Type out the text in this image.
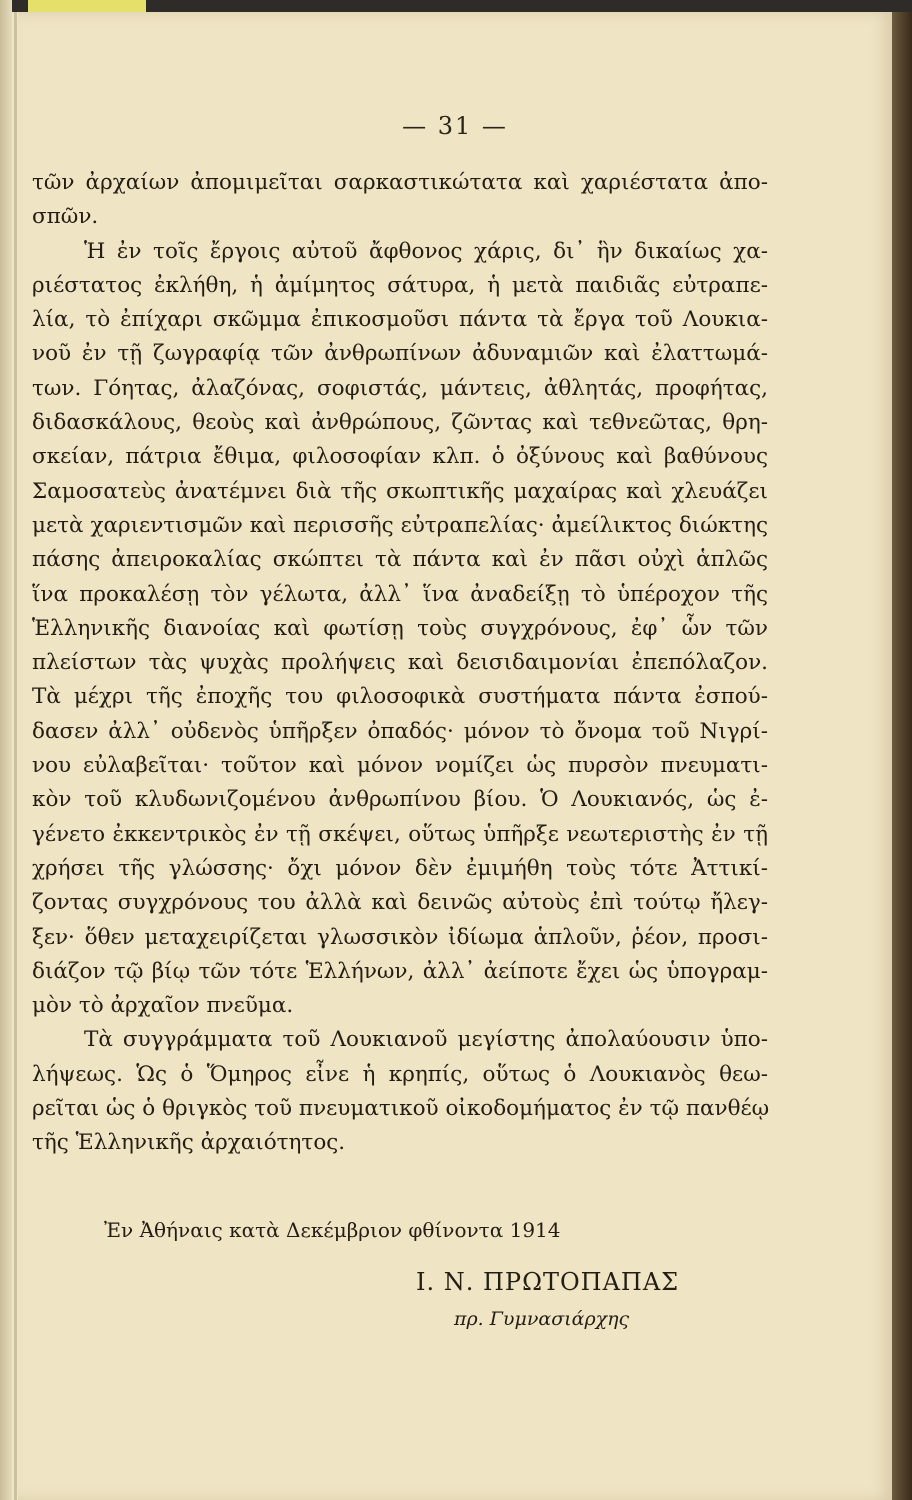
— 31 —
τῶν ἀρχαίων ἀπομιμεῖται σαρκαστικώτατα καὶ χαριέστατα ἀπο-
σπῶν.
Ἡ ἐν τοῖς ἔργοις αὐτοῦ ἄφθονος χάρις, δι᾽ ἣν δικαίως χα-
ριέστατος ἐκλήθη, ἡ ἀμίμητος σάτυρα, ἡ μετὰ παιδιᾶς εὐτραπε-
λία, τὸ ἐπίχαρι σκῶμμα ἐπικοσμοῦσι πάντα τὰ ἔργα τοῦ Λουκια-
νοῦ ἐν τῇ ζωγραφίᾳ τῶν ἀνθρωπίνων ἀδυναμιῶν καὶ ἐλαττωμά-
των. Γόητας, ἀλαζόνας, σοφιστάς, μάντεις, ἀθλητάς, προφήτας,
διδασκάλους, θεοὺς καὶ ἀνθρώπους, ζῶντας καὶ τεθνεῶτας, θρη-
σκείαν, πάτρια ἔθιμα, φιλοσοφίαν κλπ. ὁ ὀξύνους καὶ βαθύνους
Σαμοσατεὺς ἀνατέμνει διὰ τῆς σκωπτικῆς μαχαίρας καὶ χλευάζει
μετὰ χαριεντισμῶν καὶ περισσῆς εὐτραπελίας· ἀμείλικτος διώκτης
πάσης ἀπειροκαλίας σκώπτει τὰ πάντα καὶ ἐν πᾶσι οὐχὶ ἁπλῶς
ἵνα προκαλέσῃ τὸν γέλωτα, ἀλλ᾽ ἵνα ἀναδείξῃ τὸ ὑπέροχον τῆς
Ἑλληνικῆς διανοίας καὶ φωτίσῃ τοὺς συγχρόνους, ἐφ᾽ ὧν τῶν
πλείστων τὰς ψυχὰς προλήψεις καὶ δεισιδαιμονίαι ἐπεπόλαζον.
Τὰ μέχρι τῆς ἐποχῆς του φιλοσοφικὰ συστήματα πάντα ἐσπού-
δασεν ἀλλ᾽ οὐδενὸς ὑπῆρξεν ὀπαδός· μόνον τὸ ὄνομα τοῦ Νιγρί-
νου εὐλαβεῖται· τοῦτον καὶ μόνον νομίζει ὡς πυρσὸν πνευματι-
κὸν τοῦ κλυδωνιζομένου ἀνθρωπίνου βίου. Ὁ Λουκιανός, ὡς ἐ-
γένετο ἐκκεντρικὸς ἐν τῇ σκέψει, οὕτως ὑπῆρξε νεωτεριστὴς ἐν τῇ
χρήσει τῆς γλώσσης· ὄχι μόνον δὲν ἐμιμήθη τοὺς τότε Ἀττικί-
ζοντας συγχρόνους του ἀλλὰ καὶ δεινῶς αὐτοὺς ἐπὶ τούτῳ ἤλεγ-
ξεν· ὅθεν μεταχειρίζεται γλωσσικὸν ἰδίωμα ἁπλοῦν, ῥέον, προσι-
διάζον τῷ βίῳ τῶν τότε Ἑλλήνων, ἀλλ᾽ ἀείποτε ἔχει ὡς ὑπογραμ-
μὸν τὸ ἀρχαῖον πνεῦμα.
Τὰ συγγράμματα τοῦ Λουκιανοῦ μεγίστης ἀπολαύουσιν ὑπο-
λήψεως. Ὡς ὁ Ὅμηρος εἶνε ἡ κρηπίς, οὕτως ὁ Λουκιανὸς θεω-
ρεῖται ὡς ὁ θριγκὸς τοῦ πνευματικοῦ οἰκοδομήματος ἐν τῷ πανθέῳ
τῆς Ἑλληνικῆς ἀρχαιότητος.
Ἐν Ἀθήναις κατὰ Δεκέμβριον φθίνοντα 1914
Ι. Ν. ΠΡΩΤΟΠΑΠΑΣ
πρ. Γυμνασιάρχης
